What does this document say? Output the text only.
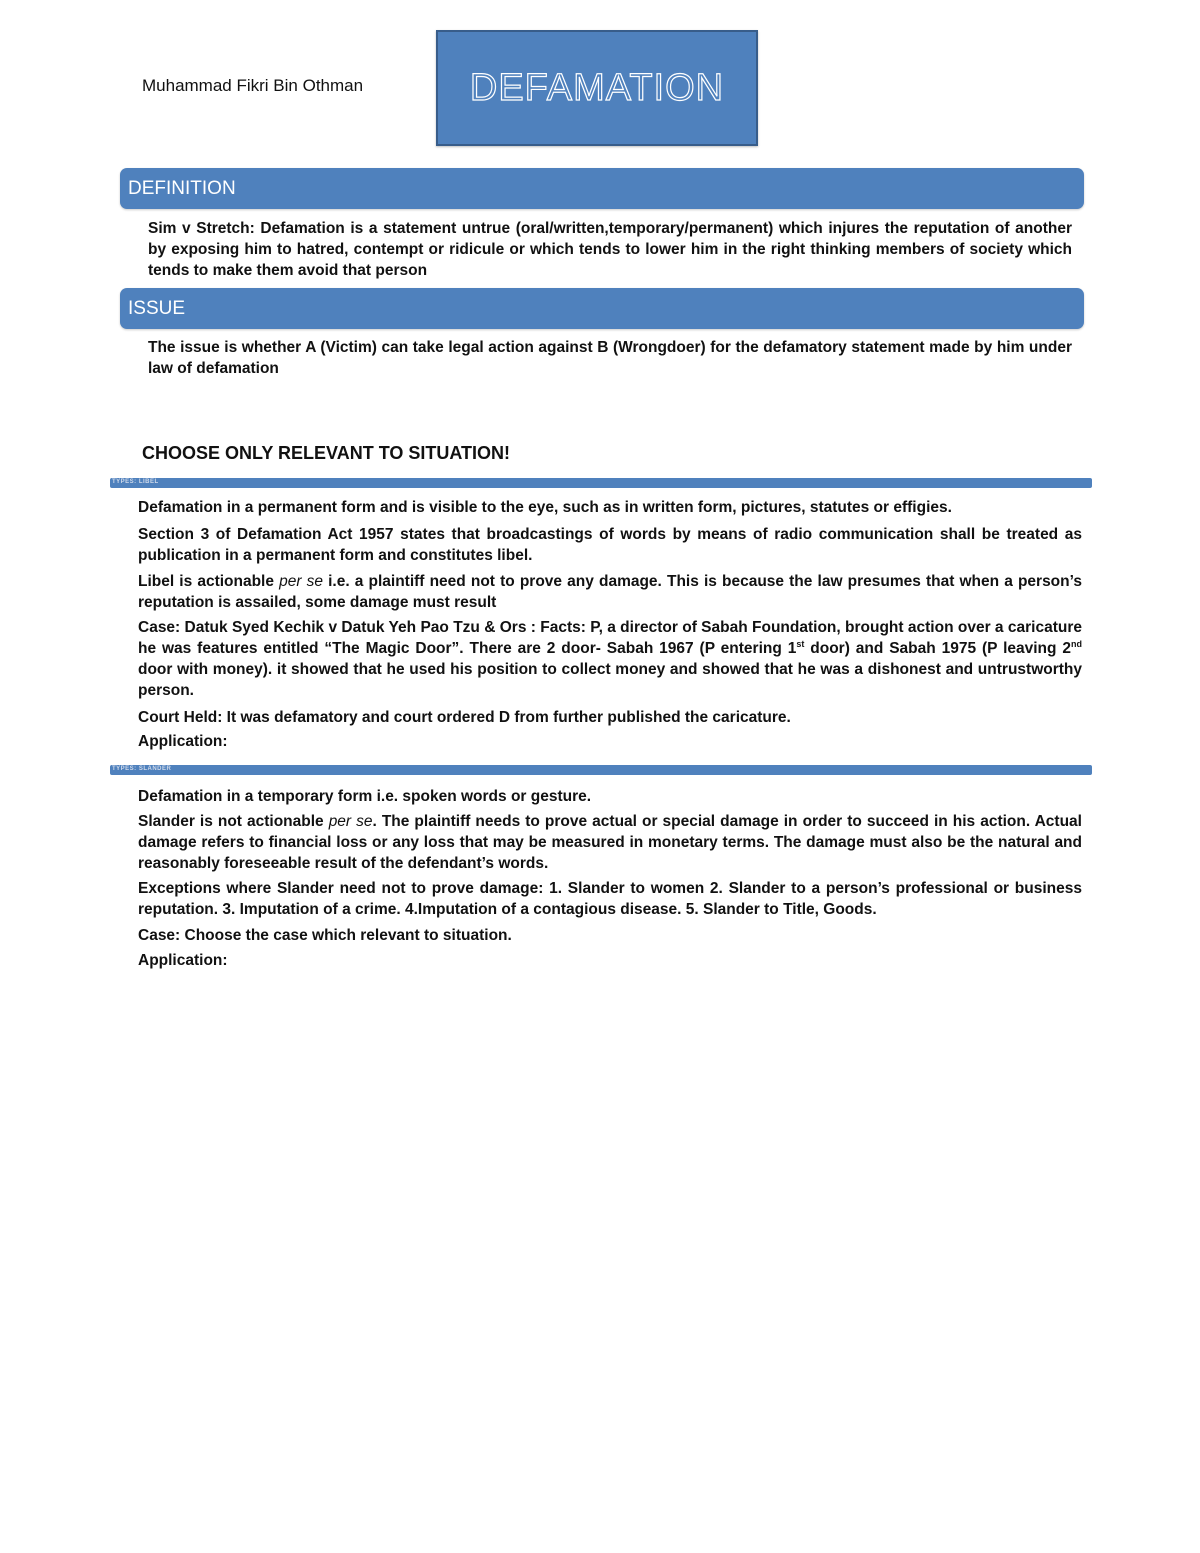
Muhammad Fikri Bin Othman	DEFAMATION
DEFINITION
Sim v Stretch: Defamation is a statement untrue (oral/written,temporary/permanent) which injures the reputation of another by exposing him to hatred, contempt or ridicule or which tends to lower him in the right thinking members of society which tends to make them avoid that person
ISSUE
The issue is whether A (Victim) can take legal action against B (Wrongdoer) for the defamatory statement made by him under law of defamation
CHOOSE ONLY RELEVANT TO SITUATION!
TYPES: LIBEL
Defamation in a permanent form and is visible to the eye, such as in written form, pictures, statutes or effigies.
Section 3 of Defamation Act 1957 states that broadcastings of words by means of radio communication shall be treated as publication in a permanent form and constitutes libel.
Libel is actionable per se i.e. a plaintiff need not to prove any damage. This is because the law presumes that when a person’s reputation is assailed, some damage must result
Case: Datuk Syed Kechik v Datuk Yeh Pao Tzu & Ors : Facts: P, a director of Sabah Foundation, brought action over a caricature he was features entitled “The Magic Door”. There are 2 door- Sabah 1967 (P entering 1st door) and Sabah 1975 (P leaving 2nd door with money). it showed that he used his position to collect money and showed that he was a dishonest and untrustworthy person.
Court Held: It was defamatory and court ordered D from further published the caricature.
Application:
TYPES: SLANDER
Defamation in a temporary form i.e. spoken words or gesture.
Slander is not actionable per se. The plaintiff needs to prove actual or special damage in order to succeed in his action. Actual damage refers to financial loss or any loss that may be measured in monetary terms. The damage must also be the natural and reasonably foreseeable result of the defendant’s words.
Exceptions where Slander need not to prove damage: 1. Slander to women 2. Slander to a person’s professional or business reputation. 3. Imputation of a crime. 4.Imputation of a contagious disease. 5. Slander to Title, Goods.
Case: Choose the case which relevant to situation.
Application:
